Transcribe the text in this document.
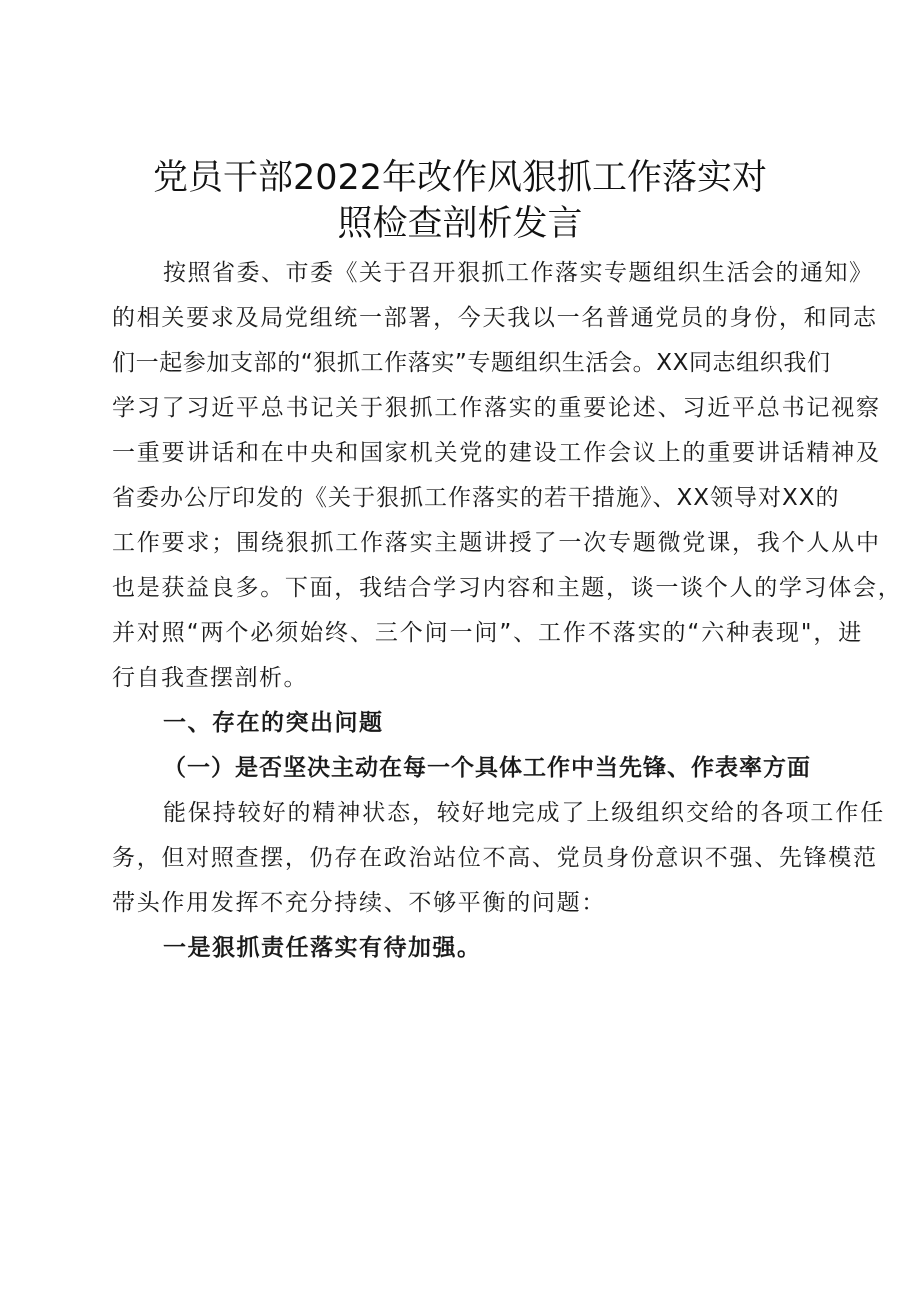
党员干部2022年改作风狠抓工作落实对
照检查剖析发言

按照省委、市委《关于召开狠抓工作落实专题组织生活会的通知》

的相关要求及局党组统一部署，今天我以一名普通党员的身份，和同志

们一起参加支部的“狠抓工作落实”专题组织生活会。XX同志组织我们

学习了习近平总书记关于狠抓工作落实的重要论述、习近平总书记视察

一重要讲话和在中央和国家机关党的建设工作会议上的重要讲话精神及

省委办公厅印发的《关于狠抓工作落实的若干措施》、XX领导对XX的

工作要求；围绕狠抓工作落实主题讲授了一次专题微党课，我个人从中

也是获益良多。下面，我结合学习内容和主题，谈一谈个人的学习体会，

并对照“两个必须始终、三个问一问”、工作不落实的“六种表现"，进

行自我查摆剖析。

一、存在的突出问题

（一）是否坚决主动在每一个具体工作中当先锋、作表率方面

能保持较好的精神状态，较好地完成了上级组织交给的各项工作任

务，但对照查摆，仍存在政治站位不高、党员身份意识不强、先锋模范

带头作用发挥不充分持续、不够平衡的问题：

一是狠抓责任落实有待加强。
